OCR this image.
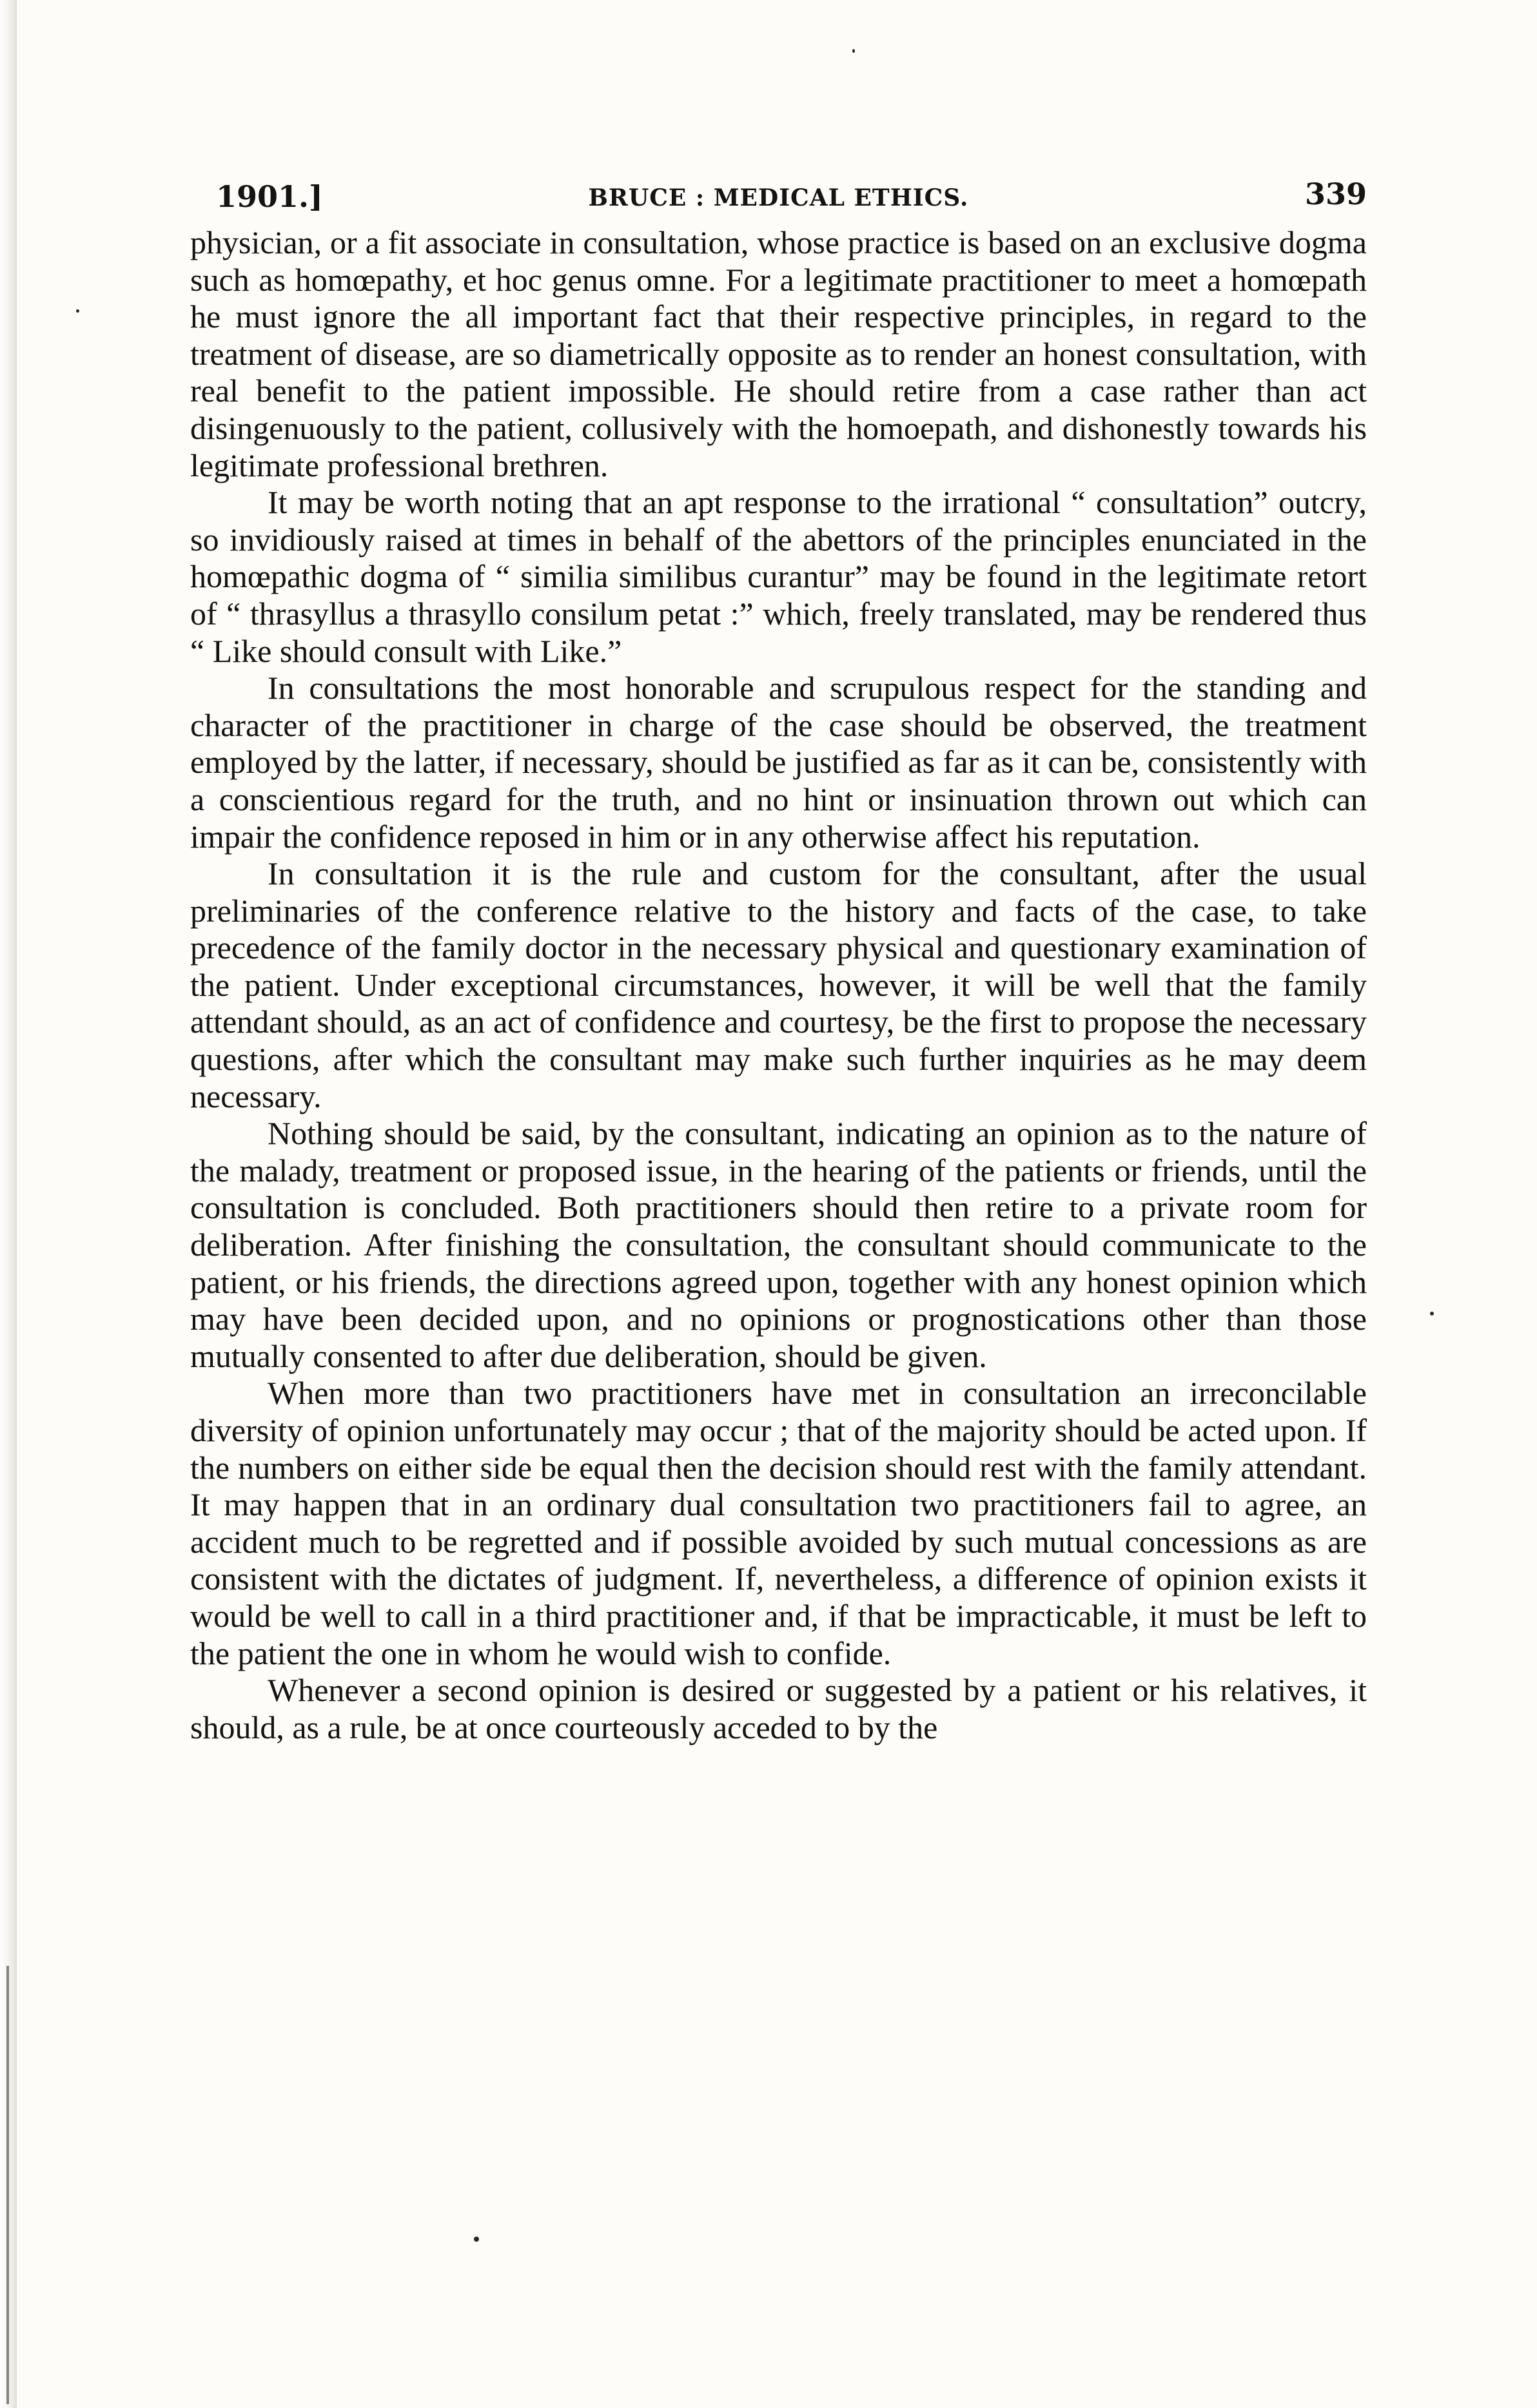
1901.]	BRUCE : MEDICAL ETHICS.	339

physician, or a fit associate in consultation, whose practice is based on an exclusive dogma such as homœpathy, et hoc genus omne. For a legitimate practitioner to meet a homœpath he must ignore the all important fact that their respective principles, in regard to the treatment of disease, are so diametrically opposite as to render an honest consultation, with real benefit to the patient impossible. He should retire from a case rather than act disingenuously to the patient, collusively with the homoepath, and dishonestly towards his legitimate professional brethren.

It may be worth noting that an apt response to the irrational “ consultation” outcry, so invidiously raised at times in behalf of the abettors of the principles enunciated in the homœpathic dogma of “ similia similibus curantur” may be found in the legitimate retort of “ thrasyllus a thrasyllo consilum petat :” which, freely translated, may be rendered thus “ Like should consult with Like.”

In consultations the most honorable and scrupulous respect for the standing and character of the practitioner in charge of the case should be observed, the treatment employed by the latter, if necessary, should be justified as far as it can be, consistently with a conscientious regard for the truth, and no hint or insinuation thrown out which can impair the confidence reposed in him or in any otherwise affect his reputation.

In consultation it is the rule and custom for the consultant, after the usual preliminaries of the conference relative to the history and facts of the case, to take precedence of the family doctor in the necessary physical and questionary examination of the patient. Under exceptional circumstances, however, it will be well that the family attendant should, as an act of confidence and courtesy, be the first to propose the necessary questions, after which the consultant may make such further inquiries as he may deem necessary.

Nothing should be said, by the consultant, indicating an opinion as to the nature of the malady, treatment or proposed issue, in the hearing of the patients or friends, until the consultation is concluded. Both practitioners should then retire to a private room for deliberation. After finishing the consultation, the consultant should communicate to the patient, or his friends, the directions agreed upon, together with any honest opinion which may have been decided upon, and no opinions or prognostications other than those mutually consented to after due deliberation, should be given.

When more than two practitioners have met in consultation an irreconcilable diversity of opinion unfortunately may occur ; that of the majority should be acted upon. If the numbers on either side be equal then the decision should rest with the family attendant. It may happen that in an ordinary dual consultation two practitioners fail to agree, an accident much to be regretted and if possible avoided by such mutual concessions as are consistent with the dictates of judgment. If, nevertheless, a difference of opinion exists it would be well to call in a third practitioner and, if that be impracticable, it must be left to the patient the one in whom he would wish to confide.

Whenever a second opinion is desired or suggested by a patient or his relatives, it should, as a rule, be at once courteously acceded to by the
